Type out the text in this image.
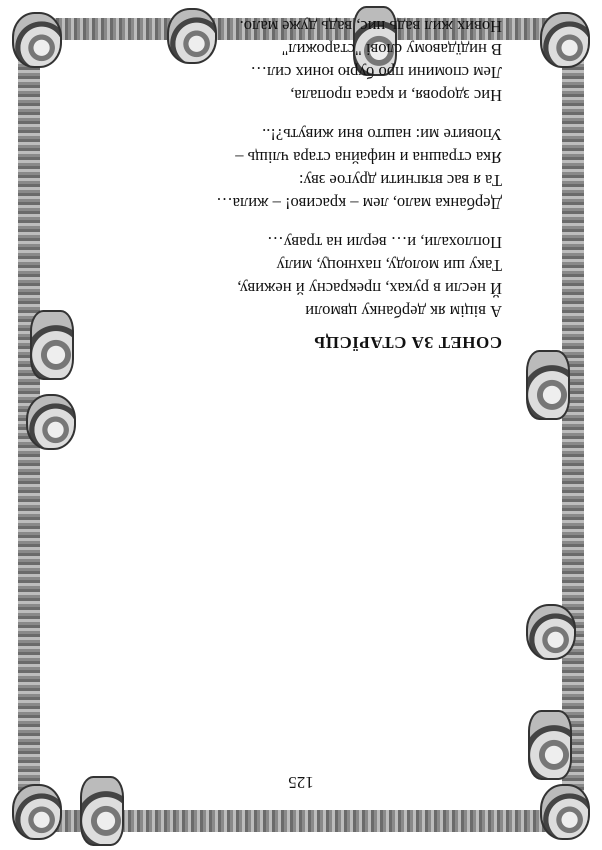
125
СОНЕТ ЗА СТАРЇСЦЬ
А віцім як дербанку цвмоли
Й несли в руках, прекрасну й неживу,
Таку ши молоду, пахнюцу, милу
Поплохали, и… верли на траву…
Дербанка мало, лем – красиво! – жила…
Та я вас втягнити другое зву:
Яка страшна и нифайна стара чліщь –
Уповите ми: нашто вни живуть?!..
Нис здоровя, и краса пропала,
Лем спомини про бурю юних сил…
В нидїдавому слові "старожил"
Нових жил вадь нис, вадь дуже мало.
